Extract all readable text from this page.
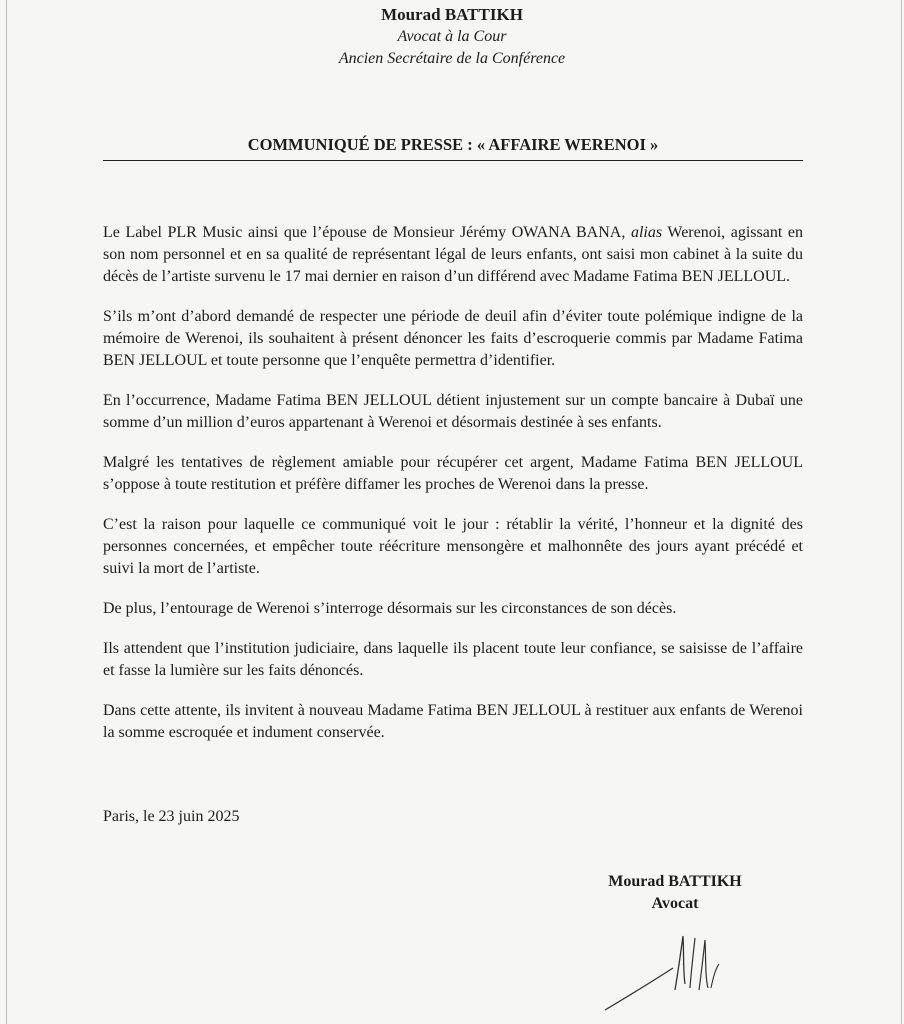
Mourad BATTIKH
Avocat à la Cour
Ancien Secrétaire de la Conférence
COMMUNIQUÉ DE PRESSE : « AFFAIRE WERENOI »

Le Label PLR Music ainsi que l’épouse de Monsieur Jérémy OWANA BANA, alias Werenoi, agissant en son nom personnel et en sa qualité de représentant légal de leurs enfants, ont saisi mon cabinet à la suite du décès de l’artiste survenu le 17 mai dernier en raison d’un différend avec Madame Fatima BEN JELLOUL.

S’ils m’ont d’abord demandé de respecter une période de deuil afin d’éviter toute polémique indigne de la mémoire de Werenoi, ils souhaitent à présent dénoncer les faits d’escroquerie commis par Madame Fatima BEN JELLOUL et toute personne que l’enquête permettra d’identifier.

En l’occurrence, Madame Fatima BEN JELLOUL détient injustement sur un compte bancaire à Dubaï une somme d’un million d’euros appartenant à Werenoi et désormais destinée à ses enfants.

Malgré les tentatives de règlement amiable pour récupérer cet argent, Madame Fatima BEN JELLOUL s’oppose à toute restitution et préfère diffamer les proches de Werenoi dans la presse.

C’est la raison pour laquelle ce communiqué voit le jour : rétablir la vérité, l’honneur et la dignité des personnes concernées, et empêcher toute réécriture mensongère et malhonnête des jours ayant précédé et suivi la mort de l’artiste.

De plus, l’entourage de Werenoi s’interroge désormais sur les circonstances de son décès.

Ils attendent que l’institution judiciaire, dans laquelle ils placent toute leur confiance, se saisisse de l’affaire et fasse la lumière sur les faits dénoncés.

Dans cette attente, ils invitent à nouveau Madame Fatima BEN JELLOUL à restituer aux enfants de Werenoi la somme escroquée et indument conservée.

Paris, le 23 juin 2025
Mourad BATTIKH
Avocat
